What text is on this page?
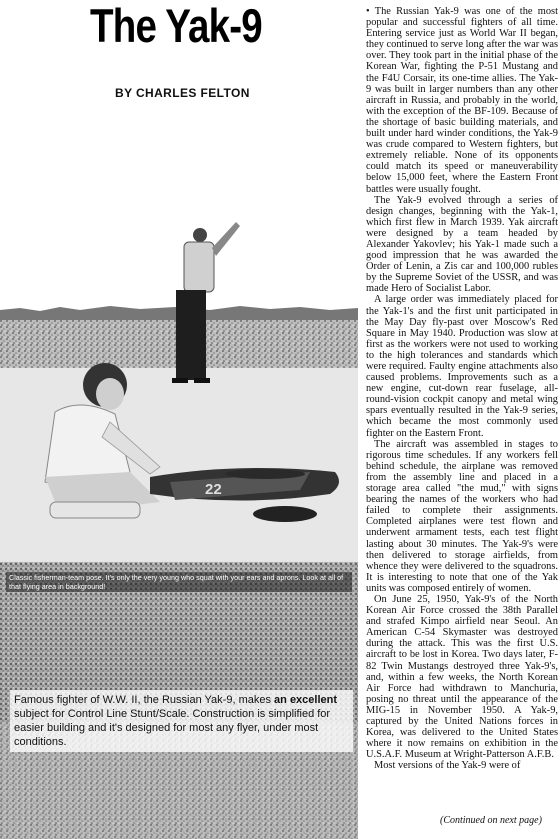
The Yak-9
BY CHARLES FELTON
22
Classic fisherman-team pose. It's only the very young who squat with your ears and aprons. Look at all of that flying area in background!
Famous fighter of W.W. II, the Russian Yak-9, makes an excellent subject for Control Line Stunt/Scale. Construction is simplified for easier building and it's designed for most any flyer, under most conditions.

• The Russian Yak-9 was one of the most popular and successful fighters of all time. Entering service just as World War II began, they continued to serve long after the war was over. They took part in the initial phase of the Korean War, fighting the P-51 Mustang and the F4U Corsair, its one-time allies. The Yak-9 was built in larger numbers than any other aircraft in Russia, and probably in the world, with the exception of the BF-109. Because of the shortage of basic building materials, and built under hard winder conditions, the Yak-9 was crude compared to Western fighters, but extremely reliable. None of its opponents could match its speed or maneuverability below 15,000 feet, where the Eastern Front battles were usually fought.

The Yak-9 evolved through a series of design changes, beginning with the Yak-1, which first flew in March 1939. Yak aircraft were designed by a team headed by Alexander Yakovlev; his Yak-1 made such a good impression that he was awarded the Order of Lenin, a Zis car and 100,000 rubles by the Supreme Soviet of the USSR, and was made Hero of Socialist Labor.

A large order was immediately placed for the Yak-1's and the first unit participated in the May Day fly-past over Moscow's Red Square in May 1940. Production was slow at first as the workers were not used to working to the high tolerances and standards which were required. Faulty engine attachments also caused problems. Improvements such as a new engine, cut-down rear fuselage, all-round-vision cockpit canopy and metal wing spars eventually resulted in the Yak-9 series, which became the most commonly used fighter on the Eastern Front.

The aircraft was assembled in stages to rigorous time schedules. If any workers fell behind schedule, the airplane was removed from the assembly line and placed in a storage area called "the mud," with signs bearing the names of the workers who had failed to complete their assignments. Completed airplanes were test flown and underwent armament tests, each test flight lasting about 30 minutes. The Yak-9's were then delivered to storage airfields, from whence they were delivered to the squadrons. It is interesting to note that one of the Yak units was composed entirely of women.

On June 25, 1950, Yak-9's of the North Korean Air Force crossed the 38th Parallel and strafed Kimpo airfield near Seoul. An American C-54 Skymaster was destroyed during the attack. This was the first U.S. aircraft to be lost in Korea. Two days later, F-82 Twin Mustangs destroyed three Yak-9's, and, within a few weeks, the North Korean Air Force had withdrawn to Manchuria, posing no threat until the appearance of the MIG-15 in November 1950. A Yak-9, captured by the United Nations forces in Korea, was delivered to the United States where it now remains on exhibition in the U.S.A.F. Museum at Wright-Patterson A.F.B.

Most versions of the Yak-9 were of

(Continued on next page)
